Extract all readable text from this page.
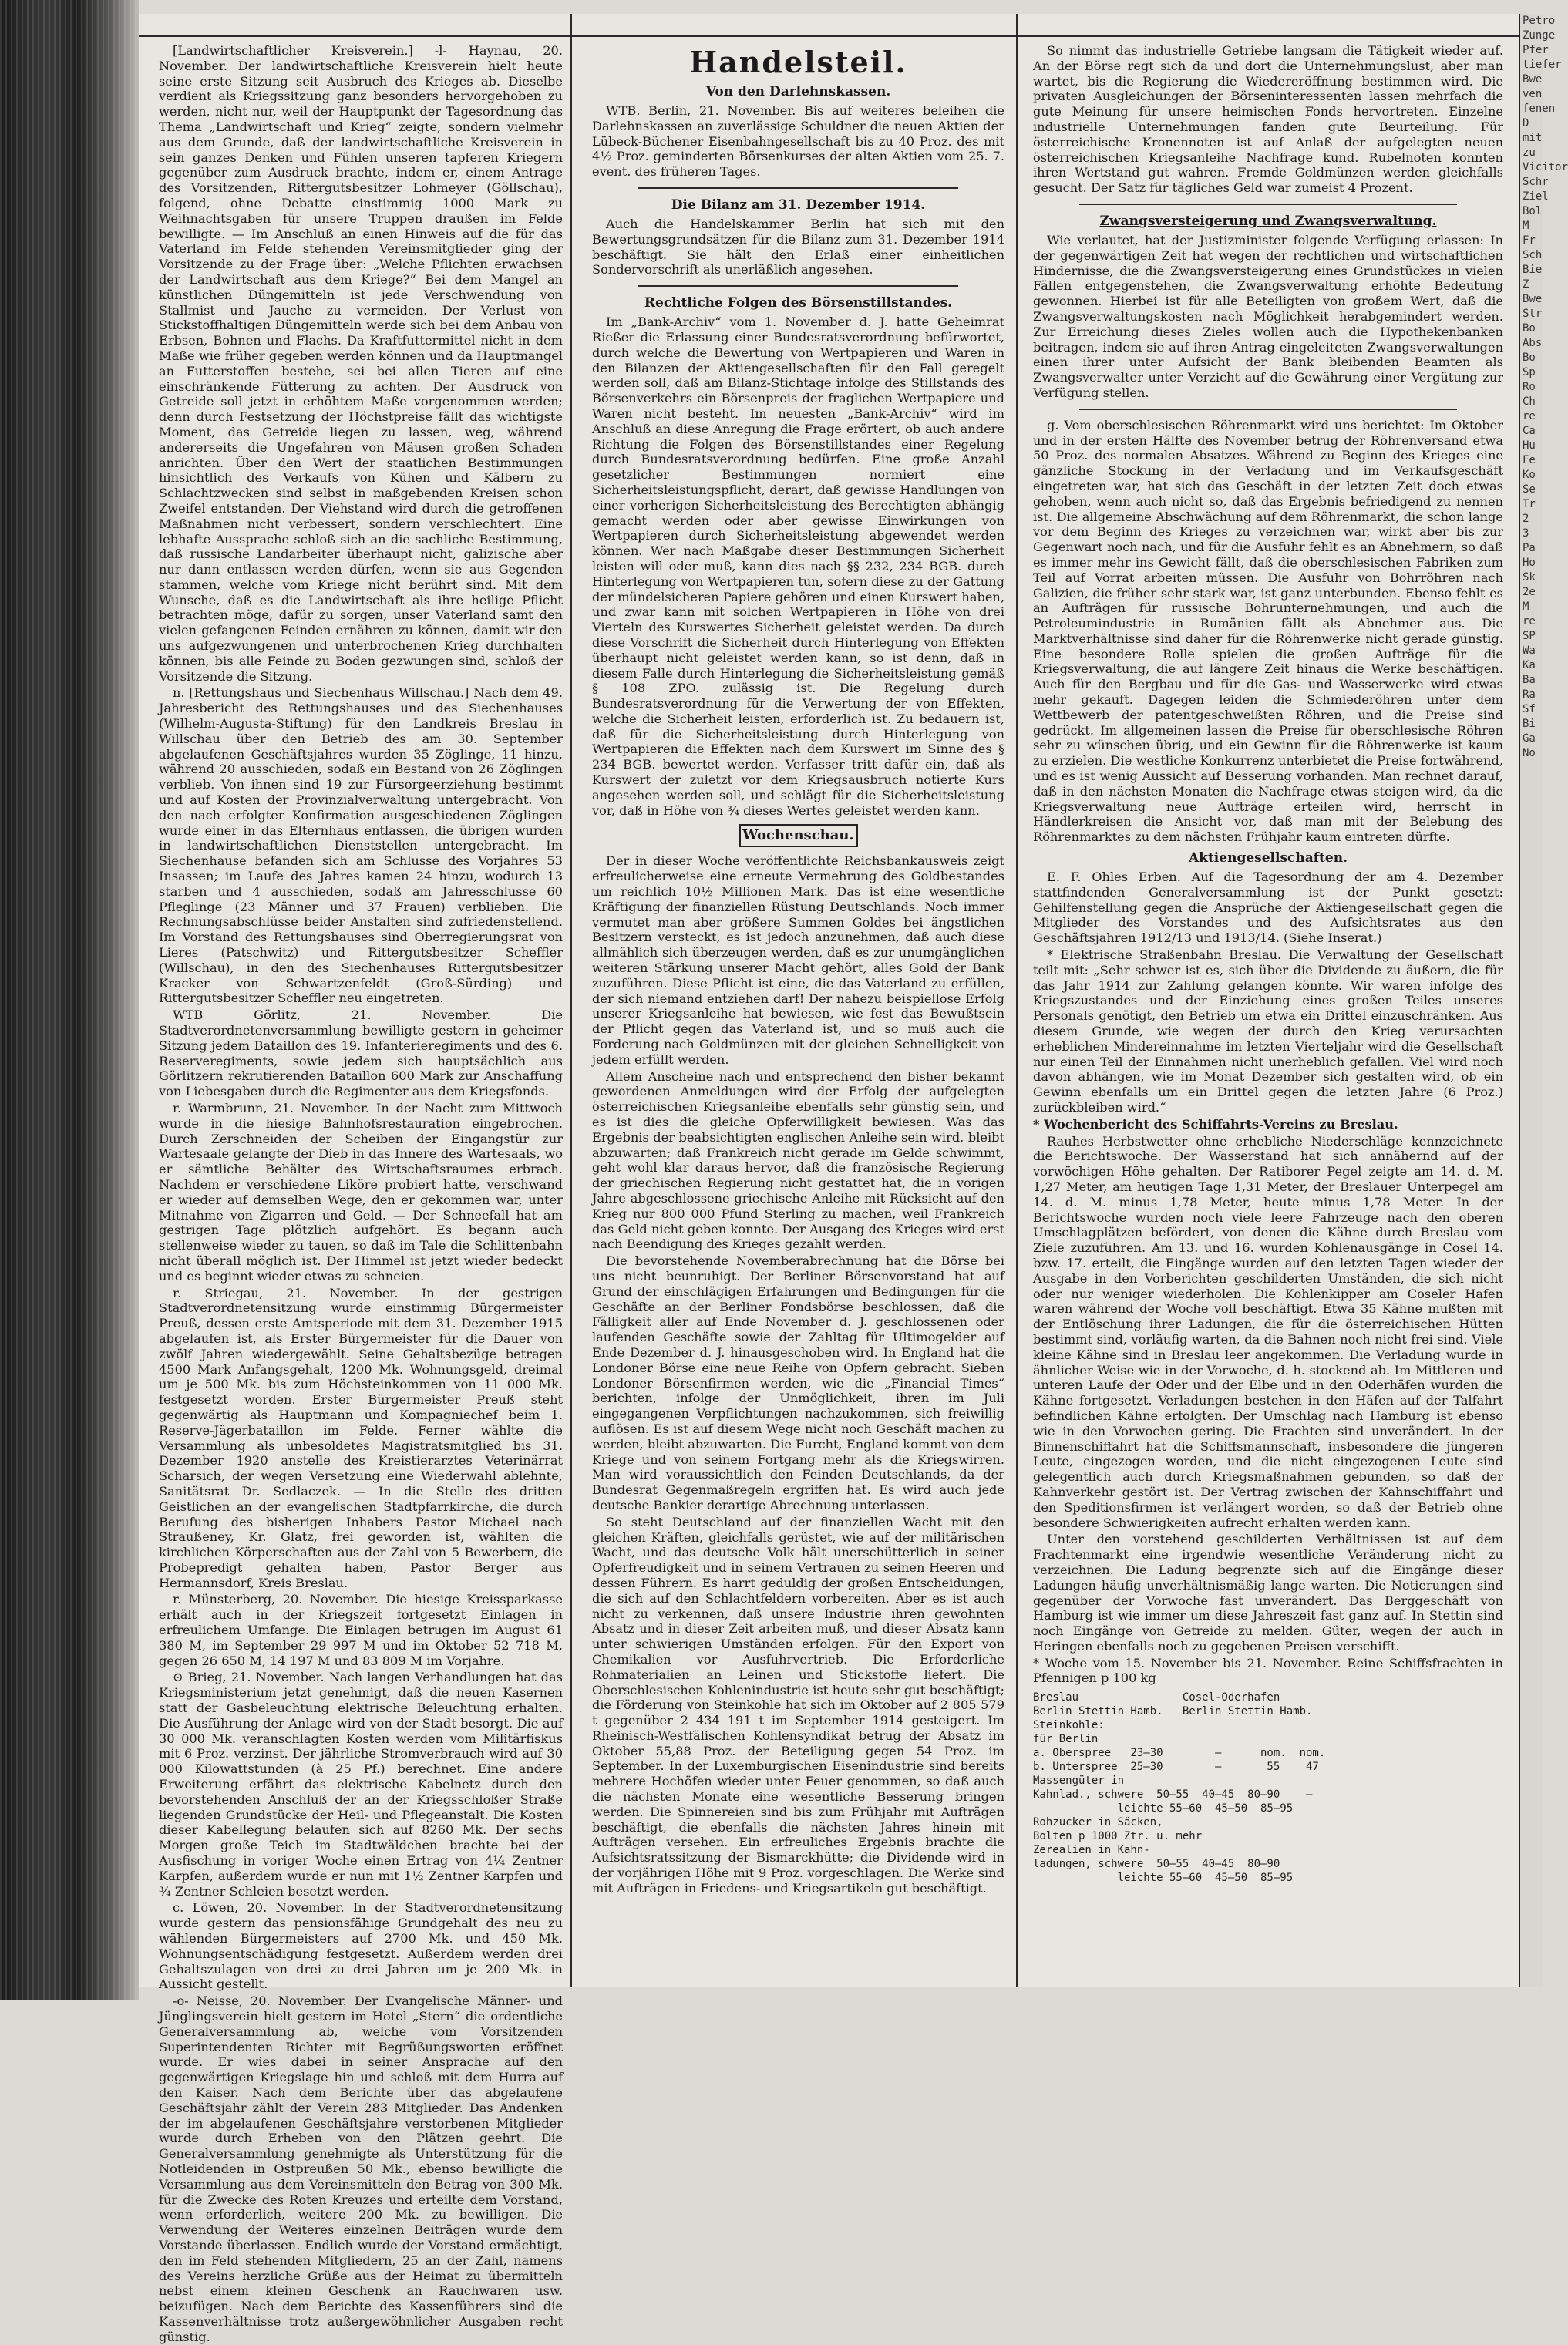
[Landwirtschaftlicher Kreisverein.] -l- Haynau, 20. November. Der landwirtschaftliche Kreisverein hielt heute seine erste Sitzung seit Ausbruch des Krieges ab. Dieselbe verdient als Kriegssitzung ganz besonders hervorgehoben zu werden, nicht nur, weil der Hauptpunkt der Tagesordnung das Thema „Landwirtschaft und Krieg“ zeigte, sondern vielmehr aus dem Grunde, daß der landwirtschaftliche Kreisverein in sein ganzes Denken und Fühlen unseren tapferen Kriegern gegenüber zum Ausdruck brachte, indem er, einem Antrage des Vorsitzenden, Rittergutsbesitzer Lohmeyer (Göllschau), folgend, ohne Debatte einstimmig 1000 Mark zu Weihnachtsgaben für unsere Truppen draußen im Felde bewilligte. — Im Anschluß an einen Hinweis auf die für das Vaterland im Felde stehenden Vereinsmitglieder ging der Vorsitzende zu der Frage über: „Welche Pflichten erwachsen der Landwirtschaft aus dem Kriege?“ Bei dem Mangel an künstlichen Düngemitteln ist jede Verschwendung von Stallmist und Jauche zu vermeiden. Der Verlust von Stickstoffhaltigen Düngemitteln werde sich bei dem Anbau von Erbsen, Bohnen und Flachs. Da Kraftfuttermittel nicht in dem Maße wie früher gegeben werden können und da Hauptmangel an Futterstoffen bestehe, sei bei allen Tieren auf eine einschränkende Fütterung zu achten. Der Ausdruck von Getreide soll jetzt in erhöhtem Maße vorgenommen werden; denn durch Festsetzung der Höchstpreise fällt das wichtigste Moment, das Getreide liegen zu lassen, weg, während andererseits die Ungefahren von Mäusen großen Schaden anrichten. Über den Wert der staatlichen Bestimmungen hinsichtlich des Verkaufs von Kühen und Kälbern zu Schlachtzwecken sind selbst in maßgebenden Kreisen schon Zweifel entstanden. Der Viehstand wird durch die getroffenen Maßnahmen nicht verbessert, sondern verschlechtert. Eine lebhafte Aussprache schloß sich an die sachliche Bestimmung, daß russische Landarbeiter überhaupt nicht, galizische aber nur dann entlassen werden dürfen, wenn sie aus Gegenden stammen, welche vom Kriege nicht berührt sind. Mit dem Wunsche, daß es die Landwirtschaft als ihre heilige Pflicht betrachten möge, dafür zu sorgen, unser Vaterland samt den vielen gefangenen Feinden ernähren zu können, damit wir den uns aufgezwungenen und unterbrochenen Krieg durchhalten können, bis alle Feinde zu Boden gezwungen sind, schloß der Vorsitzende die Sitzung.

n. [Rettungshaus und Siechenhaus Willschau.] Nach dem 49. Jahresbericht des Rettungshauses und des Siechenhauses (Wilhelm-Augusta-Stiftung) für den Landkreis Breslau in Willschau über den Betrieb des am 30. September abgelaufenen Geschäftsjahres wurden 35 Zöglinge, 11 hinzu, während 20 ausschieden, sodaß ein Bestand von 26 Zöglingen verblieb. Von ihnen sind 19 zur Fürsorgeerziehung bestimmt und auf Kosten der Provinzialverwaltung untergebracht. Von den nach erfolgter Konfirmation ausgeschiedenen Zöglingen wurde einer in das Elternhaus entlassen, die übrigen wurden in landwirtschaftlichen Dienststellen untergebracht. Im Siechenhause befanden sich am Schlusse des Vorjahres 53 Insassen; im Laufe des Jahres kamen 24 hinzu, wodurch 13 starben und 4 ausschieden, sodaß am Jahresschlusse 60 Pfleglinge (23 Männer und 37 Frauen) verblieben. Die Rechnungsabschlüsse beider Anstalten sind zufriedenstellend. Im Vorstand des Rettungshauses sind Oberregierungsrat von Lieres (Patschwitz) und Rittergutsbesitzer Scheffler (Willschau), in den des Siechenhauses Rittergutsbesitzer Kracker von Schwartzenfeldt (Groß-Sürding) und Rittergutsbesitzer Scheffler neu eingetreten.

WTB Görlitz, 21. November. Die Stadtverordnetenversammlung bewilligte gestern in geheimer Sitzung jedem Bataillon des 19. Infanterieregiments und des 6. Reserveregiments, sowie jedem sich hauptsächlich aus Görlitzern rekrutierenden Bataillon 600 Mark zur Anschaffung von Liebesgaben durch die Regimenter aus dem Kriegsfonds.

r. Warmbrunn, 21. November. In der Nacht zum Mittwoch wurde in die hiesige Bahnhofsrestauration eingebrochen. Durch Zerschneiden der Scheiben der Eingangstür zur Wartesaale gelangte der Dieb in das Innere des Wartesaals, wo er sämtliche Behälter des Wirtschaftsraumes erbrach. Nachdem er verschiedene Liköre probiert hatte, verschwand er wieder auf demselben Wege, den er gekommen war, unter Mitnahme von Zigarren und Geld. — Der Schneefall hat am gestrigen Tage plötzlich aufgehört. Es begann auch stellenweise wieder zu tauen, so daß im Tale die Schlittenbahn nicht überall möglich ist. Der Himmel ist jetzt wieder bedeckt und es beginnt wieder etwas zu schneien.

r. Striegau, 21. November. In der gestrigen Stadtverordnetensitzung wurde einstimmig Bürgermeister Preuß, dessen erste Amtsperiode mit dem 31. Dezember 1915 abgelaufen ist, als Erster Bürgermeister für die Dauer von zwölf Jahren wiedergewählt. Seine Gehaltsbezüge betragen 4500 Mark Anfangsgehalt, 1200 Mk. Wohnungsgeld, dreimal um je 500 Mk. bis zum Höchsteinkommen von 11 000 Mk. festgesetzt worden. Erster Bürgermeister Preuß steht gegenwärtig als Hauptmann und Kompagniechef beim 1. Reserve-Jägerbataillon im Felde. Ferner wählte die Versammlung als unbesoldetes Magistratsmitglied bis 31. Dezember 1920 anstelle des Kreistierarztes Veterinärrat Scharsich, der wegen Versetzung eine Wiederwahl ablehnte, Sanitätsrat Dr. Sedlaczek. — In die Stelle des dritten Geistlichen an der evangelischen Stadtpfarrkirche, die durch Berufung des bisherigen Inhabers Pastor Michael nach Straußeney, Kr. Glatz, frei geworden ist, wählten die kirchlichen Körperschaften aus der Zahl von 5 Bewerbern, die Probepredigt gehalten haben, Pastor Berger aus Hermannsdorf, Kreis Breslau.

r. Münsterberg, 20. November. Die hiesige Kreissparkasse erhält auch in der Kriegszeit fortgesetzt Einlagen in erfreulichem Umfange. Die Einlagen betrugen im August 61 380 M, im September 29 997 M und im Oktober 52 718 M, gegen 26 650 M, 14 197 M und 83 809 M im Vorjahre.

⊙ Brieg, 21. November. Nach langen Verhandlungen hat das Kriegsministerium jetzt genehmigt, daß die neuen Kasernen statt der Gasbeleuchtung elektrische Beleuchtung erhalten. Die Ausführung der Anlage wird von der Stadt besorgt. Die auf 30 000 Mk. veranschlagten Kosten werden vom Militärfiskus mit 6 Proz. verzinst. Der jährliche Stromverbrauch wird auf 30 000 Kilowattstunden (à 25 Pf.) berechnet. Eine andere Erweiterung erfährt das elektrische Kabelnetz durch den bevorstehenden Anschluß der an der Kriegsschloßer Straße liegenden Grundstücke der Heil- und Pflegeanstalt. Die Kosten dieser Kabellegung belaufen sich auf 8260 Mk. Der sechs Morgen große Teich im Stadtwäldchen brachte bei der Ausfischung in voriger Woche einen Ertrag von 4¼ Zentner Karpfen, außerdem wurde er nun mit 1½ Zentner Karpfen und ¾ Zentner Schleien besetzt werden.

c. Löwen, 20. November. In der Stadtverordnetensitzung wurde gestern das pensionsfähige Grundgehalt des neu zu wählenden Bürgermeisters auf 2700 Mk. und 450 Mk. Wohnungsentschädigung festgesetzt. Außerdem werden drei Gehaltszulagen von drei zu drei Jahren um je 200 Mk. in Aussicht gestellt.

-o- Neisse, 20. November. Der Evangelische Männer- und Jünglingsverein hielt gestern im Hotel „Stern“ die ordentliche Generalversammlung ab, welche vom Vorsitzenden Superintendenten Richter mit Begrüßungsworten eröffnet wurde. Er wies dabei in seiner Ansprache auf den gegenwärtigen Kriegslage hin und schloß mit dem Hurra auf den Kaiser. Nach dem Berichte über das abgelaufene Geschäftsjahr zählt der Verein 283 Mitglieder. Das Andenken der im abgelaufenen Geschäftsjahre verstorbenen Mitglieder wurde durch Erheben von den Plätzen geehrt. Die Generalversammlung genehmigte als Unterstützung für die Notleidenden in Ostpreußen 50 Mk., ebenso bewilligte die Versammlung aus dem Vereinsmitteln den Betrag von 300 Mk. für die Zwecke des Roten Kreuzes und erteilte dem Vorstand, wenn erforderlich, weitere 200 Mk. zu bewilligen. Die Verwendung der Weiteres einzelnen Beiträgen wurde dem Vorstande überlassen. Endlich wurde der Vorstand ermächtigt, den im Feld stehenden Mitgliedern, 25 an der Zahl, namens des Vereins herzliche Grüße aus der Heimat zu übermitteln nebst einem kleinen Geschenk an Rauchwaren usw. beizufügen. Nach dem Berichte des Kassenführers sind die Kassenverhältnisse trotz außergewöhnlicher Ausgaben recht günstig.

Handelsteil.
Von den Darlehnskassen.

WTB. Berlin, 21. November. Bis auf weiteres beleihen die Darlehnskassen an zuverlässige Schuldner die neuen Aktien der Lübeck-Büchener Eisenbahngesellschaft bis zu 40 Proz. des mit 4½ Proz. geminderten Börsenkurses der alten Aktien vom 25. 7. event. des früheren Tages.

Die Bilanz am 31. Dezember 1914.

Auch die Handelskammer Berlin hat sich mit den Bewertungsgrundsätzen für die Bilanz zum 31. Dezember 1914 beschäftigt. Sie hält den Erlaß einer einheitlichen Sondervorschrift als unerläßlich angesehen.

Rechtliche Folgen des Börsenstillstandes.

Im „Bank-Archiv“ vom 1. November d. J. hatte Geheimrat Rießer die Erlassung einer Bundesratsverordnung befürwortet, durch welche die Bewertung von Wertpapieren und Waren in den Bilanzen der Aktiengesellschaften für den Fall geregelt werden soll, daß am Bilanz-Stichtage infolge des Stillstands des Börsenverkehrs ein Börsenpreis der fraglichen Wertpapiere und Waren nicht besteht. Im neuesten „Bank-Archiv“ wird im Anschluß an diese Anregung die Frage erörtert, ob auch andere Richtung die Folgen des Börsenstillstandes einer Regelung durch Bundesratsverordnung bedürfen. Eine große Anzahl gesetzlicher Bestimmungen normiert eine Sicherheitsleistungspflicht, derart, daß gewisse Handlungen von einer vorherigen Sicherheitsleistung des Berechtigten abhängig gemacht werden oder aber gewisse Einwirkungen von Wertpapieren durch Sicherheitsleistung abgewendet werden können. Wer nach Maßgabe dieser Bestimmungen Sicherheit leisten will oder muß, kann dies nach §§ 232, 234 BGB. durch Hinterlegung von Wertpapieren tun, sofern diese zu der Gattung der mündelsicheren Papiere gehören und einen Kurswert haben, und zwar kann mit solchen Wertpapieren in Höhe von drei Vierteln des Kurswertes Sicherheit geleistet werden. Da durch diese Vorschrift die Sicherheit durch Hinterlegung von Effekten überhaupt nicht geleistet werden kann, so ist denn, daß in diesem Falle durch Hinterlegung die Sicherheitsleistung gemäß § 108 ZPO. zulässig ist. Die Regelung durch Bundesratsverordnung für die Verwertung der von Effekten, welche die Sicherheit leisten, erforderlich ist. Zu bedauern ist, daß für die Sicherheitsleistung durch Hinterlegung von Wertpapieren die Effekten nach dem Kurswert im Sinne des § 234 BGB. bewertet werden. Verfasser tritt dafür ein, daß als Kurswert der zuletzt vor dem Kriegsausbruch notierte Kurs angesehen werden soll, und schlägt für die Sicherheitsleistung vor, daß in Höhe von ¾ dieses Wertes geleistet werden kann.

Wochenschau.

Der in dieser Woche veröffentlichte Reichsbankausweis zeigt erfreulicherweise eine erneute Vermehrung des Goldbestandes um reichlich 10½ Millionen Mark. Das ist eine wesentliche Kräftigung der finanziellen Rüstung Deutschlands. Noch immer vermutet man aber größere Summen Goldes bei ängstlichen Besitzern versteckt, es ist jedoch anzunehmen, daß auch diese allmählich sich überzeugen werden, daß es zur unumgänglichen weiteren Stärkung unserer Macht gehört, alles Gold der Bank zuzuführen. Diese Pflicht ist eine, die das Vaterland zu erfüllen, der sich niemand entziehen darf! Der nahezu beispiellose Erfolg unserer Kriegsanleihe hat bewiesen, wie fest das Bewußtsein der Pflicht gegen das Vaterland ist, und so muß auch die Forderung nach Goldmünzen mit der gleichen Schnelligkeit von jedem erfüllt werden.

Allem Anscheine nach und entsprechend den bisher bekannt gewordenen Anmeldungen wird der Erfolg der aufgelegten österreichischen Kriegsanleihe ebenfalls sehr günstig sein, und es ist dies die gleiche Opferwilligkeit bewiesen. Was das Ergebnis der beabsichtigten englischen Anleihe sein wird, bleibt abzuwarten; daß Frankreich nicht gerade im Gelde schwimmt, geht wohl klar daraus hervor, daß die französische Regierung der griechischen Regierung nicht gestattet hat, die in vorigen Jahre abgeschlossene griechische Anleihe mit Rücksicht auf den Krieg nur 800 000 Pfund Sterling zu machen, weil Frankreich das Geld nicht geben konnte. Der Ausgang des Krieges wird erst nach Beendigung des Krieges gezahlt werden.

Die bevorstehende Novemberabrechnung hat die Börse bei uns nicht beunruhigt. Der Berliner Börsenvorstand hat auf Grund der einschlägigen Erfahrungen und Bedingungen für die Geschäfte an der Berliner Fondsbörse beschlossen, daß die Fälligkeit aller auf Ende November d. J. geschlossenen oder laufenden Geschäfte sowie der Zahltag für Ultimogelder auf Ende Dezember d. J. hinausgeschoben wird. In England hat die Londoner Börse eine neue Reihe von Opfern gebracht. Sieben Londoner Börsenfirmen werden, wie die „Financial Times“ berichten, infolge der Unmöglichkeit, ihren im Juli eingegangenen Verpflichtungen nachzukommen, sich freiwillig auflösen. Es ist auf diesem Wege nicht noch Geschäft machen zu werden, bleibt abzuwarten. Die Furcht, England kommt von dem Kriege und von seinem Fortgang mehr als die Kriegswirren. Man wird voraussichtlich den Feinden Deutschlands, da der Bundesrat Gegenmaßregeln ergriffen hat. Es wird auch jede deutsche Bankier derartige Abrechnung unterlassen.

So steht Deutschland auf der finanziellen Wacht mit den gleichen Kräften, gleichfalls gerüstet, wie auf der militärischen Wacht, und das deutsche Volk hält unerschütterlich in seiner Opferfreudigkeit und in seinem Vertrauen zu seinen Heeren und dessen Führern. Es harrt geduldig der großen Entscheidungen, die sich auf den Schlachtfeldern vorbereiten. Aber es ist auch nicht zu verkennen, daß unsere Industrie ihren gewohnten Absatz und in dieser Zeit arbeiten muß, und dieser Absatz kann unter schwierigen Umständen erfolgen. Für den Export von Chemikalien vor Ausfuhrvertrieb. Die Erforderliche Rohmaterialien an Leinen und Stickstoffe liefert. Die Oberschlesischen Kohlenindustrie ist heute sehr gut beschäftigt; die Förderung von Steinkohle hat sich im Oktober auf 2 805 579 t gegenüber 2 434 191 t im September 1914 gesteigert. Im Rheinisch-Westfälischen Kohlensyndikat betrug der Absatz im Oktober 55,88 Proz. der Beteiligung gegen 54 Proz. im September. In der Luxemburgischen Eisenindustrie sind bereits mehrere Hochöfen wieder unter Feuer genommen, so daß auch die nächsten Monate eine wesentliche Besserung bringen werden. Die Spinnereien sind bis zum Frühjahr mit Aufträgen beschäftigt, die ebenfalls die nächsten Jahres hinein mit Aufträgen versehen. Ein erfreuliches Ergebnis brachte die Aufsichtsratssitzung der Bismarckhütte; die Dividende wird in der vorjährigen Höhe mit 9 Proz. vorgeschlagen. Die Werke sind mit Aufträgen in Friedens- und Kriegsartikeln gut beschäftigt.

So nimmt das industrielle Getriebe langsam die Tätigkeit wieder auf. An der Börse regt sich da und dort die Unternehmungslust, aber man wartet, bis die Regierung die Wiedereröffnung bestimmen wird. Die privaten Ausgleichungen der Börseninteressenten lassen mehrfach die gute Meinung für unsere heimischen Fonds hervortreten. Einzelne industrielle Unternehmungen fanden gute Beurteilung. Für österreichische Kronennoten ist auf Anlaß der aufgelegten neuen österreichischen Kriegsanleihe Nachfrage kund. Rubelnoten konnten ihren Wertstand gut wahren. Fremde Goldmünzen werden gleichfalls gesucht. Der Satz für tägliches Geld war zumeist 4 Prozent.

Zwangsversteigerung und Zwangsverwaltung.

Wie verlautet, hat der Justizminister folgende Verfügung erlassen: In der gegenwärtigen Zeit hat wegen der rechtlichen und wirtschaftlichen Hindernisse, die die Zwangsversteigerung eines Grundstückes in vielen Fällen entgegenstehen, die Zwangsverwaltung erhöhte Bedeutung gewonnen. Hierbei ist für alle Beteiligten von großem Wert, daß die Zwangsverwaltungskosten nach Möglichkeit herabgemindert werden. Zur Erreichung dieses Zieles wollen auch die Hypothekenbanken beitragen, indem sie auf ihren Antrag eingeleiteten Zwangsverwaltungen einen ihrer unter Aufsicht der Bank bleibenden Beamten als Zwangsverwalter unter Verzicht auf die Gewährung einer Vergütung zur Verfügung stellen.

g. Vom oberschlesischen Röhrenmarkt wird uns berichtet: Im Oktober und in der ersten Hälfte des November betrug der Röhrenversand etwa 50 Proz. des normalen Absatzes. Während zu Beginn des Krieges eine gänzliche Stockung in der Verladung und im Verkaufsgeschäft eingetreten war, hat sich das Geschäft in der letzten Zeit doch etwas gehoben, wenn auch nicht so, daß das Ergebnis befriedigend zu nennen ist. Die allgemeine Abschwächung auf dem Röhrenmarkt, die schon lange vor dem Beginn des Krieges zu verzeichnen war, wirkt aber bis zur Gegenwart noch nach, und für die Ausfuhr fehlt es an Abnehmern, so daß es immer mehr ins Gewicht fällt, daß die oberschlesischen Fabriken zum Teil auf Vorrat arbeiten müssen. Die Ausfuhr von Bohrröhren nach Galizien, die früher sehr stark war, ist ganz unterbunden. Ebenso fehlt es an Aufträgen für russische Bohrunternehmungen, und auch die Petroleumindustrie in Rumänien fällt als Abnehmer aus. Die Marktverhältnisse sind daher für die Röhrenwerke nicht gerade günstig. Eine besondere Rolle spielen die großen Aufträge für die Kriegsverwaltung, die auf längere Zeit hinaus die Werke beschäftigen. Auch für den Bergbau und für die Gas- und Wasserwerke wird etwas mehr gekauft. Dagegen leiden die Schmiederöhren unter dem Wettbewerb der patentgeschweißten Röhren, und die Preise sind gedrückt. Im allgemeinen lassen die Preise für oberschlesische Röhren sehr zu wünschen übrig, und ein Gewinn für die Röhrenwerke ist kaum zu erzielen. Die westliche Konkurrenz unterbietet die Preise fortwährend, und es ist wenig Aussicht auf Besserung vorhanden. Man rechnet darauf, daß in den nächsten Monaten die Nachfrage etwas steigen wird, da die Kriegsverwaltung neue Aufträge erteilen wird, herrscht in Händlerkreisen die Ansicht vor, daß man mit der Belebung des Röhrenmarktes zu dem nächsten Frühjahr kaum eintreten dürfte.

Aktiengesellschaften.

E. F. Ohles Erben. Auf die Tagesordnung der am 4. Dezember stattfindenden Generalversammlung ist der Punkt gesetzt: Gehilfenstellung gegen die Ansprüche der Aktiengesellschaft gegen die Mitglieder des Vorstandes und des Aufsichtsrates aus den Geschäftsjahren 1912/13 und 1913/14. (Siehe Inserat.)

* Elektrische Straßenbahn Breslau. Die Verwaltung der Gesellschaft teilt mit: „Sehr schwer ist es, sich über die Dividende zu äußern, die für das Jahr 1914 zur Zahlung gelangen könnte. Wir waren infolge des Kriegszustandes und der Einziehung eines großen Teiles unseres Personals genötigt, den Betrieb um etwa ein Drittel einzuschränken. Aus diesem Grunde, wie wegen der durch den Krieg verursachten erheblichen Mindereinnahme im letzten Vierteljahr wird die Gesellschaft nur einen Teil der Einnahmen nicht unerheblich gefallen. Viel wird noch davon abhängen, wie im Monat Dezember sich gestalten wird, ob ein Gewinn ebenfalls um ein Drittel gegen die letzten Jahre (6 Proz.) zurückbleiben wird.“

* Wochenbericht des Schiffahrts-Vereins zu Breslau.

Rauhes Herbstwetter ohne erhebliche Niederschläge kennzeichnete die Berichtswoche. Der Wasserstand hat sich annähernd auf der vorwöchigen Höhe gehalten. Der Ratiborer Pegel zeigte am 14. d. M. 1,27 Meter, am heutigen Tage 1,31 Meter, der Breslauer Unterpegel am 14. d. M. minus 1,78 Meter, heute minus 1,78 Meter. In der Berichtswoche wurden noch viele leere Fahrzeuge nach den oberen Umschlagplätzen befördert, von denen die Kähne durch Breslau vom Ziele zuzuführen. Am 13. und 16. wurden Kohlenausgänge in Cosel 14. bzw. 17. erteilt, die Eingänge wurden auf den letzten Tagen wieder der Ausgabe in den Vorberichten geschilderten Umständen, die sich nicht oder nur weniger wiederholen. Die Kohlenkipper am Coseler Hafen waren während der Woche voll beschäftigt. Etwa 35 Kähne mußten mit der Entlöschung ihrer Ladungen, die für die österreichischen Hütten bestimmt sind, vorläufig warten, da die Bahnen noch nicht frei sind. Viele kleine Kähne sind in Breslau leer angekommen. Die Verladung wurde in ähnlicher Weise wie in der Vorwoche, d. h. stockend ab. Im Mittleren und unteren Laufe der Oder und der Elbe und in den Oderhäfen wurden die Kähne fortgesetzt. Verladungen bestehen in den Häfen auf der Talfahrt befindlichen Kähne erfolgten. Der Umschlag nach Hamburg ist ebenso wie in den Vorwochen gering. Die Frachten sind unverändert. In der Binnenschiffahrt hat die Schiffsmannschaft, insbesondere die jüngeren Leute, eingezogen worden, und die nicht eingezogenen Leute sind gelegentlich auch durch Kriegsmaßnahmen gebunden, so daß der Kahnverkehr gestört ist. Der Vertrag zwischen der Kahnschiffahrt und den Speditionsfirmen ist verlängert worden, so daß der Betrieb ohne besondere Schwierigkeiten aufrecht erhalten werden kann.

Unter den vorstehend geschilderten Verhältnissen ist auf dem Frachtenmarkt eine irgendwie wesentliche Veränderung nicht zu verzeichnen. Die Ladung begrenzte sich auf die Eingänge dieser Ladungen häufig unverhältnismäßig lange warten. Die Notierungen sind gegenüber der Vorwoche fast unverändert. Das Berggeschäft von Hamburg ist wie immer um diese Jahreszeit fast ganz auf. In Stettin sind noch Eingänge von Getreide zu melden. Güter, wegen der auch in Heringen ebenfalls noch zu gegebenen Preisen verschifft.

* Woche vom 15. November bis 21. November. Reine Schiffsfrachten in Pfennigen p 100 kg

Breslau                Cosel-Oderhafen
Berlin Stettin Hamb.   Berlin Stettin Hamb.
Steinkohle:
für Berlin
a. Oberspree   23—30        —      nom.  nom.
b. Unterspree  25—30        —       55    47
Massengüter in
Kahnlad., schwere  50—55  40—45  80—90    —
leichte 55—60  45—50  85—95
Rohzucker in Säcken,
Bolten p 1000 Ztr. u. mehr
Zerealien in Kahn-
ladungen, schwere  50—55  40—45  80—90
leichte 55—60  45—50  85—95
Petro
Zunge
Pfer
tiefer
Bwe
ven
fenen
D
mit
zu
Vicitor
Schr
Ziel
Bol
M
Fr
Sch
Bie
Z
Bwe
Str
Bo
Abs
Bo
Sp
Ro
Ch
re
Ca
Hu
Fe
Ko
Se
Tr
2
3
Pa
Ho
Sk
2e
M
re
SP
Wa
Ka
Ba
Ra
Sf
Bi
Ga
No
